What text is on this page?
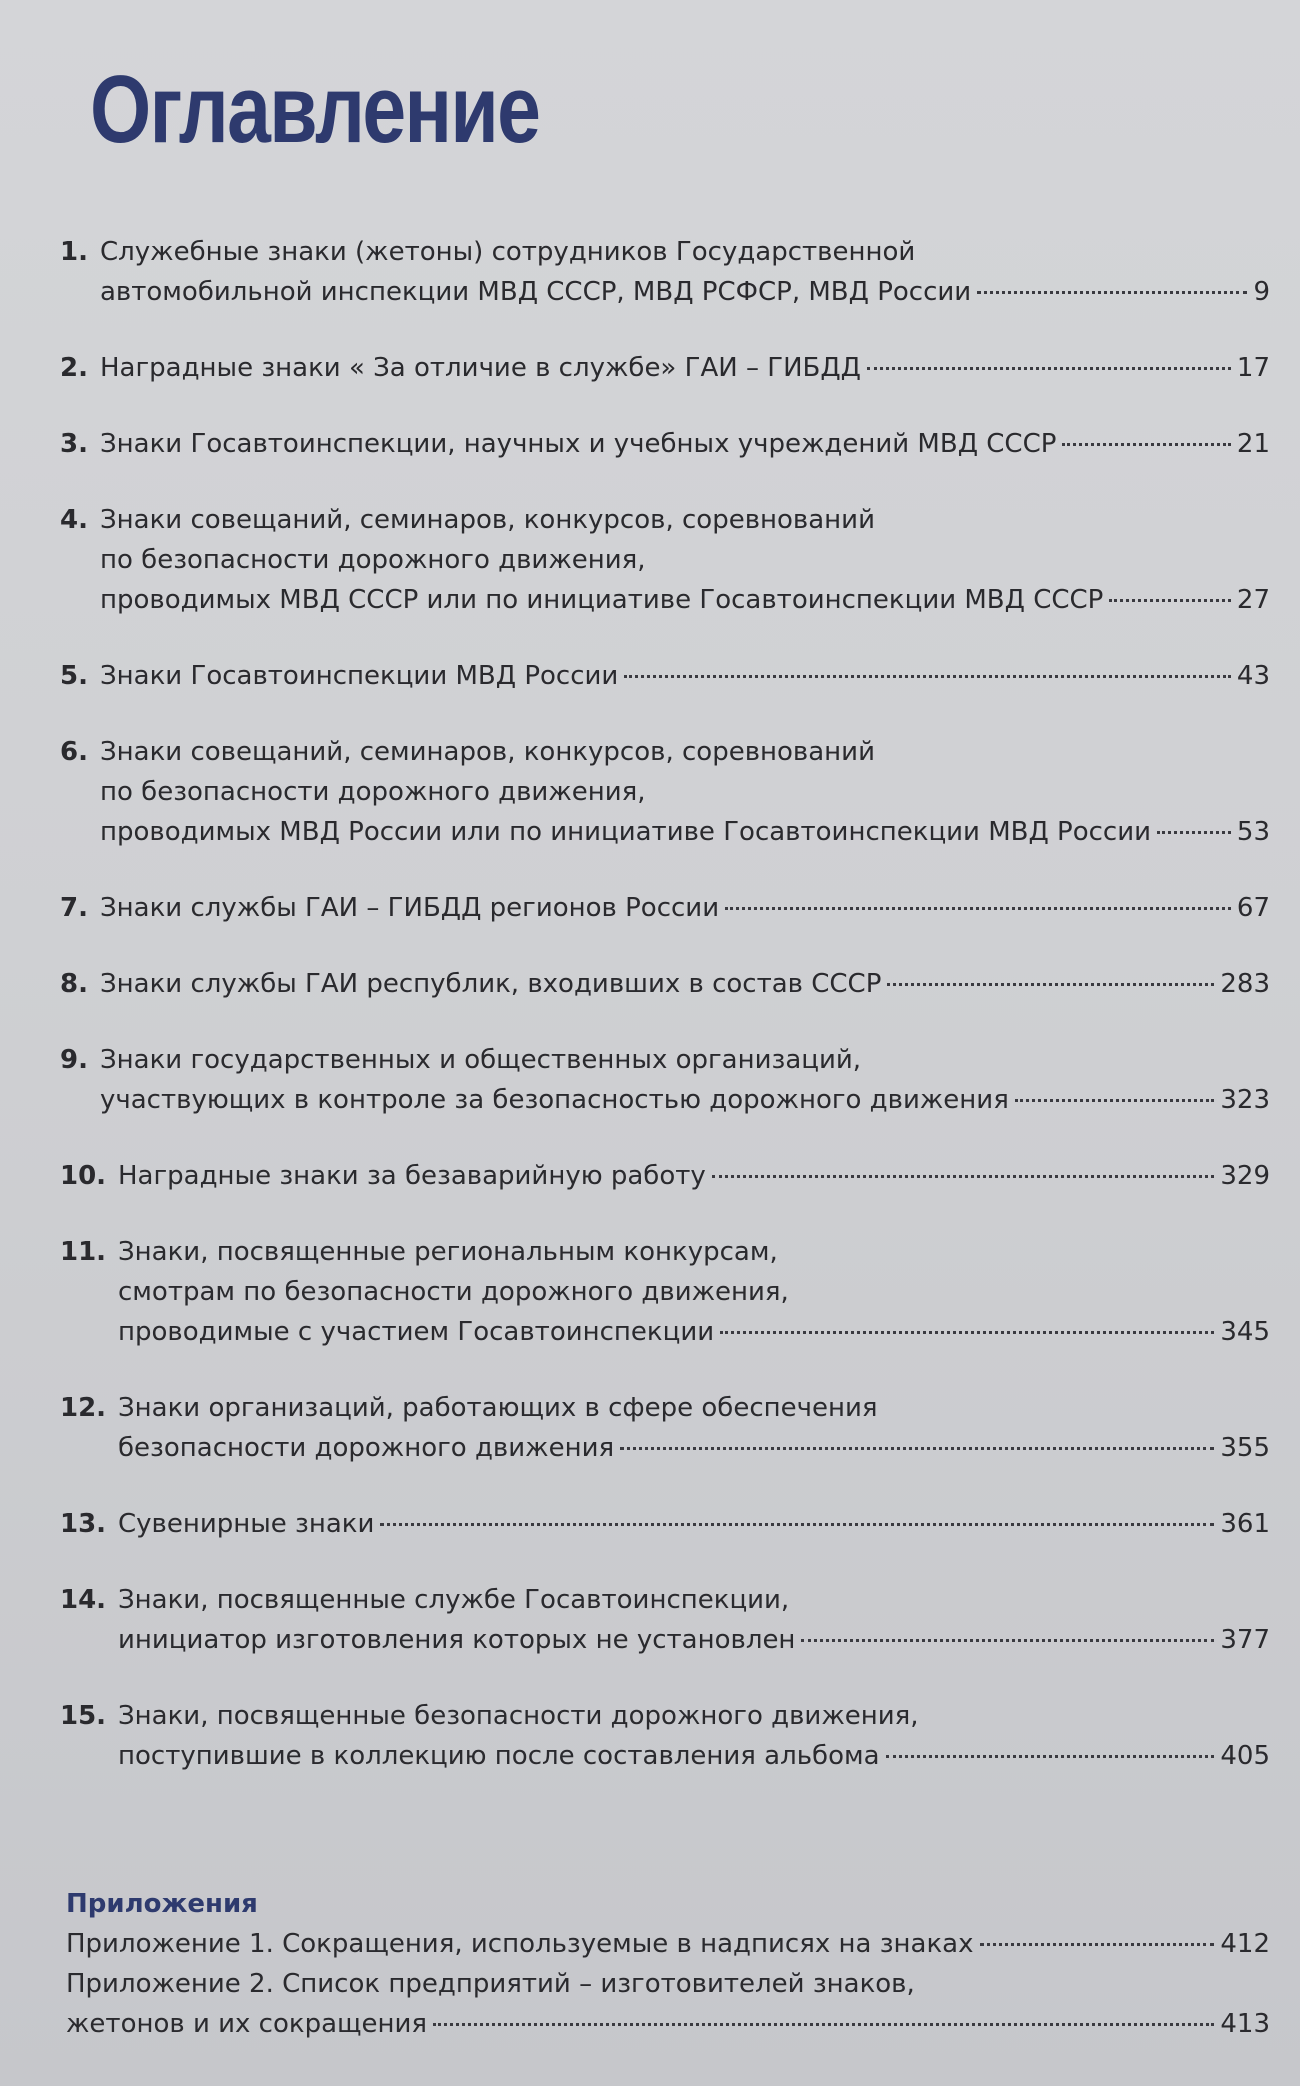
Оглавление
1. Служебные знаки (жетоны) сотрудников Государственной
автомобильной инспекции МВД СССР, МВД РСФСР, МВД России	9
2. Наградные знаки « За отличие в службе» ГАИ – ГИБДД	17
3. Знаки Госавтоинспекции, научных и учебных учреждений МВД СССР	21
4. Знаки совещаний, семинаров, конкурсов, соревнований
по безопасности дорожного движения,
проводимых МВД СССР или по инициативе Госавтоинспекции МВД СССР	27
5. Знаки Госавтоинспекции МВД России	43
6. Знаки совещаний, семинаров, конкурсов, соревнований
по безопасности дорожного движения,
проводимых МВД России или по инициативе Госавтоинспекции МВД России	53
7. Знаки службы ГАИ – ГИБДД регионов России	67
8. Знаки службы ГАИ республик, входивших в состав СССР	283
9. Знаки государственных и общественных организаций,
участвующих в контроле за безопасностью дорожного движения	323
10. Наградные знаки за безаварийную работу	329
11. Знаки, посвященные региональным конкурсам,
смотрам по безопасности дорожного движения,
проводимые с участием Госавтоинспекции	345
12. Знаки организаций, работающих в сфере обеспечения
безопасности дорожного движения	355
13. Сувенирные знаки	361
14. Знаки, посвященные службе Госавтоинспекции,
инициатор изготовления которых не установлен	377
15. Знаки, посвященные безопасности дорожного движения,
поступившие в коллекцию после составления альбома	405
Приложения
Приложение 1. Сокращения, используемые в надписях на знаках	412
Приложение 2. Список предприятий – изготовителей знаков,
жетонов и их сокращения	413
